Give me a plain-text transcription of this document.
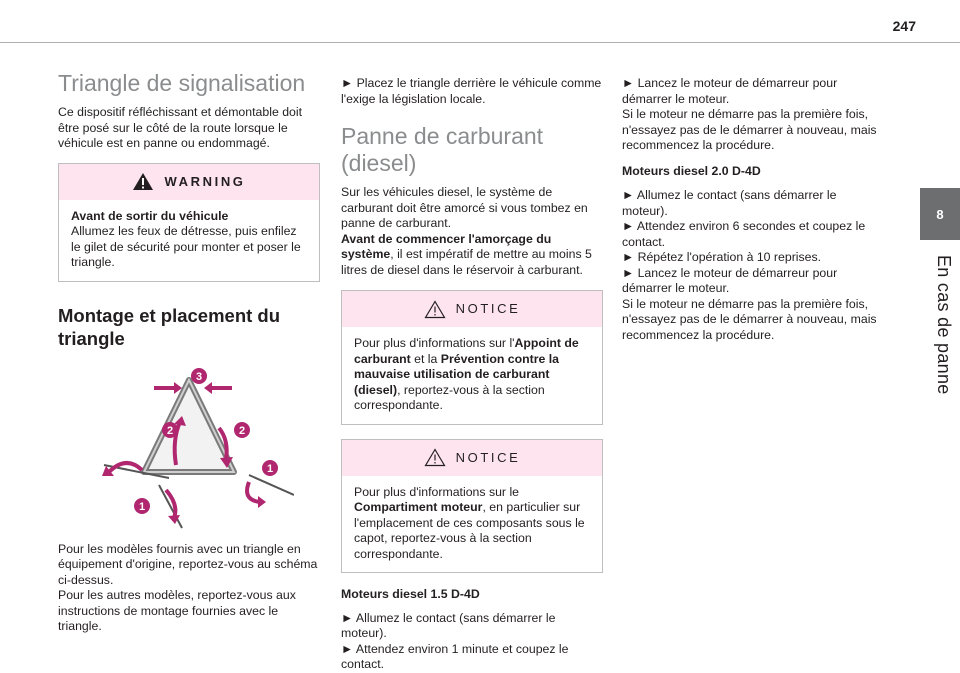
247
8
En cas de panne
Triangle de signalisation

Ce dispositif réfléchissant et démontable doit être posé sur le côté de la route lorsque le véhicule est en panne ou endommagé.

WARNING
Avant de sortir du véhicule
Allumez les feux de détresse, puis enfilez le gilet de sécurité pour monter et poser le triangle.
Montage et placement du triangle
3
2	2
1
1

Pour les modèles fournis avec un triangle en équipement d'origine, reportez-vous au schéma ci-dessus.

Pour les autres modèles, reportez-vous aux instructions de montage fournies avec le triangle.

► Placez le triangle derrière le véhicule comme l'exige la législation locale.

Panne de carburant (diesel)

Sur les véhicules diesel, le système de carburant doit être amorcé si vous tombez en panne de carburant.

Avant de commencer l'amorçage du système, il est impératif de mettre au moins 5 litres de diesel dans le réservoir à carburant.

NOTICE
Pour plus d'informations sur l'Appoint de carburant et la Prévention contre la mauvaise utilisation de carburant (diesel), reportez-vous à la section correspondante.
NOTICE
Pour plus d'informations sur le Compartiment moteur, en particulier sur l'emplacement de ces composants sous le capot, reportez-vous à la section correspondante.
Moteurs diesel 1.5 D-4D

► Allumez le contact (sans démarrer le moteur).

► Attendez environ 1 minute et coupez le contact.

► Lancez le moteur de démarreur pour démarrer le moteur.

Si le moteur ne démarre pas la première fois, n'essayez pas de le démarrer à nouveau, mais recommencez la procédure.

Moteurs diesel 2.0 D-4D

► Allumez le contact (sans démarrer le moteur).

► Attendez environ 6 secondes et coupez le contact.

► Répétez l'opération à 10 reprises.

► Lancez le moteur de démarreur pour démarrer le moteur.

Si le moteur ne démarre pas la première fois, n'essayez pas de le démarrer à nouveau, mais recommencez la procédure.
